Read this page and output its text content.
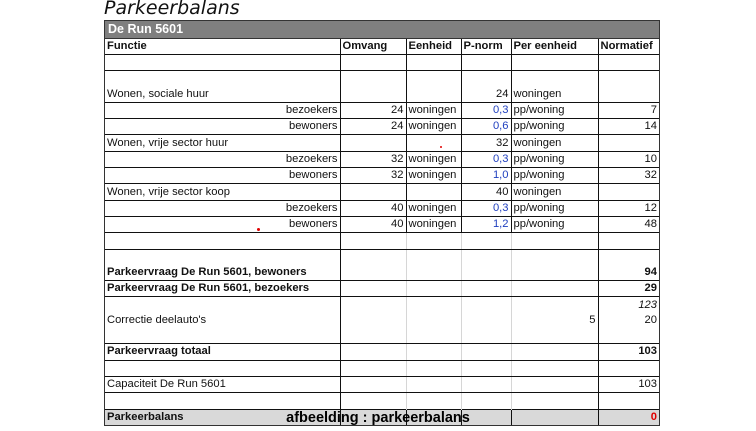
Parkeerbalans
De Run 5601
Functie	Omvang	Eenheid	P-norm	Per eenheid	Normatief

Wonen, sociale huur			24	woningen	
bezoekers	24	woningen	0,3	pp/woning	7
bewoners	24	woningen	0,6	pp/woning	14
Wonen, vrije sector huur			32	woningen	
bezoekers	32	woningen	0,3	pp/woning	10
bewoners	32	woningen	1,0	pp/woning	32
Wonen, vrije sector koop			40	woningen	
bezoekers	40	woningen	0,3	pp/woning	12
bewoners	40	woningen	1,2	pp/woning	48

Parkeervraag De Run 5601, bewoners					94
Parkeervraag De Run 5601, bezoekers					29
					123
Correctie deelauto's				5	20

Parkeervraag totaal					103

Capaciteit De Run 5601					103

Parkeerbalans					0
afbeelding : parkeerbalans
